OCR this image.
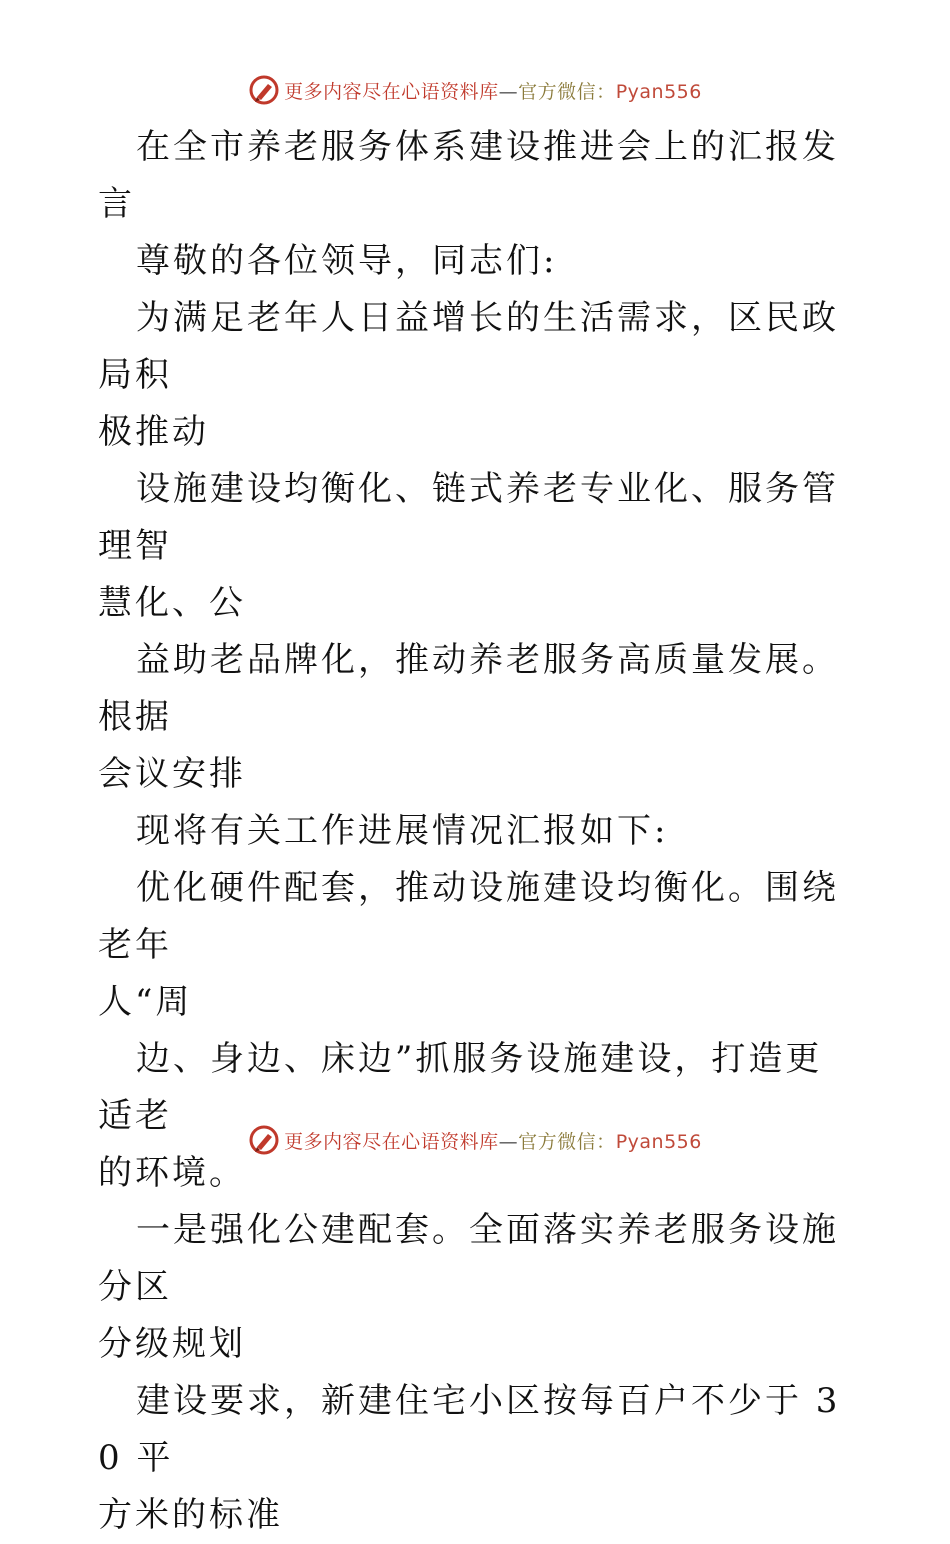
更多内容尽在心语资料库—官方微信：Pyan556

在全市养老服务体系建设推进会上的汇报发言

尊敬的各位领导，同志们:

为满足老年人日益增长的生活需求，区民政局积

极推动

设施建设均衡化、链式养老专业化、服务管理智

慧化、公

益助老品牌化，推动养老服务高质量发展。根据

会议安排

现将有关工作进展情况汇报如下:

优化硬件配套，推动设施建设均衡化。围绕老年

人“周

边、身边、床边”抓服务设施建设，打造更适老

的环境。

一是强化公建配套。全面落实养老服务设施分区

分级规划

建设要求，新建住宅小区按每百户不少于 30 平

方米的标准

更多内容尽在心语资料库—官方微信：Pyan556
